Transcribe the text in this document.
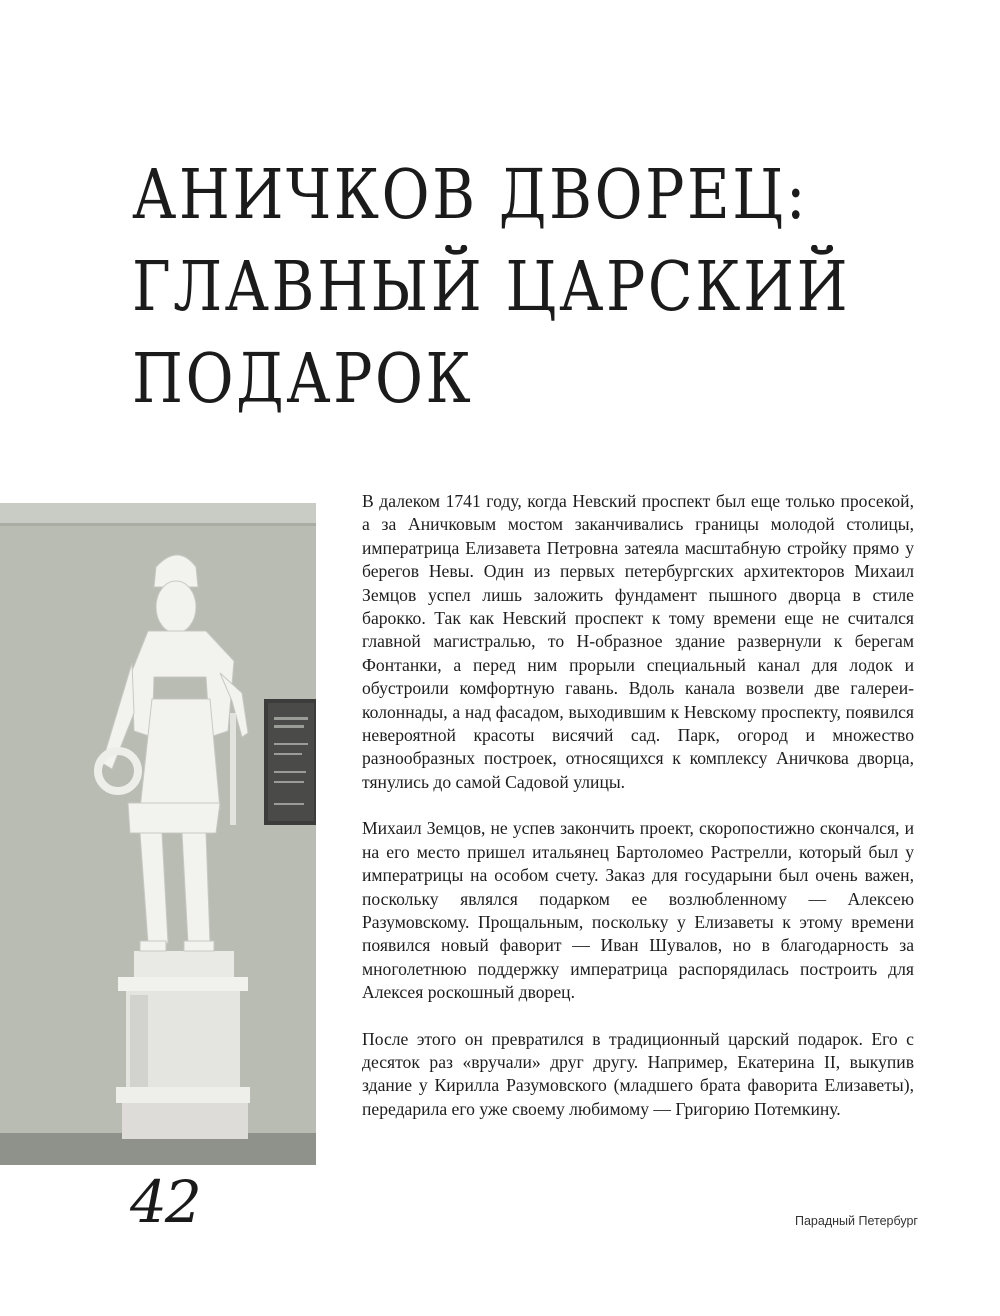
АНИЧКОВ ДВОРЕЦ:
ГЛАВНЫЙ ЦАРСКИЙ
ПОДАРОК

В далеком 1741 году, когда Невский проспект был еще только просекой, а за Аничковым мостом заканчивались границы молодой столицы, императрица Елизавета Петровна затеяла масштабную стройку прямо у берегов Невы. Один из первых петербургских архитекторов Михаил Земцов успел лишь заложить фундамент пышного дворца в стиле барокко. Так как Невский проспект к тому времени еще не считался главной магистралью, то Н-образное здание развернули к берегам Фонтанки, а перед ним прорыли специальный канал для лодок и обустроили комфортную гавань. Вдоль канала возвели две галереи-колоннады, а над фасадом, выходившим к Невскому проспекту, появился невероятной красоты висячий сад. Парк, огород и множество разнообразных построек, относящихся к комплексу Аничкова дворца, тянулись до самой Садовой улицы.

Михаил Земцов, не успев закончить проект, скоропостижно скончался, и на его место пришел итальянец Бартоломео Растрелли, который был у императрицы на особом счету. Заказ для государыни был очень важен, поскольку являлся подарком ее возлюбленному — Алексею Разумовскому. Прощальным, поскольку у Елизаветы к этому времени появился новый фаворит — Иван Шувалов, но в благодарность за многолетнюю поддержку императрица распорядилась построить для Алексея роскошный дворец.

После этого он превратился в традиционный царский подарок. Его с десяток раз «вручали» друг другу. Например, Екатерина II, выкупив здание у Кирилла Разумовского (младшего брата фаворита Елизаветы), передарила его уже своему любимому — Григорию Потемкину.

42	Парадный Петербург
